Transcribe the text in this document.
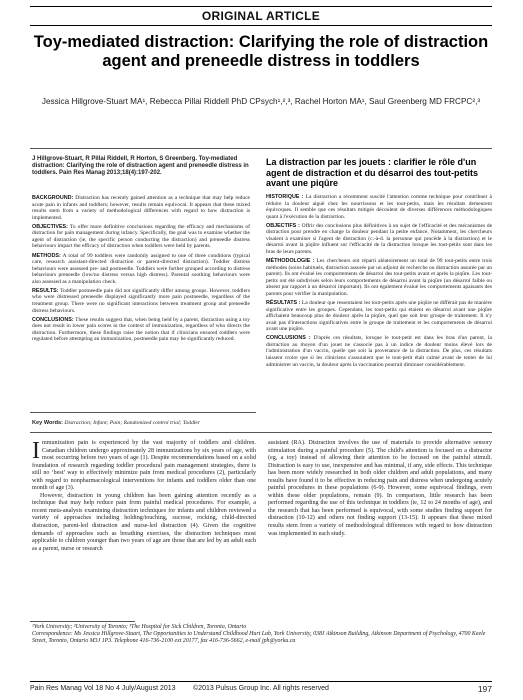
ORIGINAL ARTICLE
Toy-mediated distraction: Clarifying the role of distraction agent and preneedle distress in toddlers
Jessica Hillgrove-Stuart MA¹, Rebecca Pillai Riddell PhD CPsych¹,²,³, Rachel Horton MA¹, Saul Greenberg MD FRCPC²,³
J Hillgrove-Stuart, R Pillai Riddell, R Horton, S Greenberg. Toy-mediated distraction: Clarifying the role of distraction agent and preneedle distress in toddlers. Pain Res Manag 2013;18(4):197-202.

BACKGROUND: Distraction has recently gained attention as a technique that may help reduce acute pain in infants and toddlers; however, results remain equivocal. It appears that these mixed results stem from a variety of methodological differences with regard to how distraction is implemented.

OBJECTIVES: To offer more definitive conclusions regarding the efficacy and mechanisms of distraction for pain management during infancy. Specifically, the goal was to examine whether the agent of distraction (ie, the specific person conducting the distraction) and preneedle distress behaviours impact the efficacy of distraction when toddlers were held by parents.

METHODS: A total of 99 toddlers were randomly assigned to one of three conditions (typical care, research assistant-directed distraction or parent-directed distraction). Toddler distress behaviours were assessed pre- and postneedle. Toddlers were further grouped according to distress behaviours preneedle (low/no distress versus high distress). Parental soothing behaviours were also assessed as a manipulation check.

RESULTS: Toddler postneedle pain did not significantly differ among groups. However, toddlers who were distressed preneedle displayed significantly more pain postneedle, regardless of the treatment group. There were no significant interactions between treatment group and preneedle distress behaviours.

CONCLUSIONS: These results suggest that, when being held by a parent, distraction using a toy does not result in lower pain scores in the context of immunization, regardless of who directs the distraction. Furthermore, these findings raise the notion that if clinicians ensured toddlers were regulated before attempting an immunization, postneedle pain may be significantly reduced.

Key Words: Distraction; Infant; Pain; Randomized control trial; Toddler
La distraction par les jouets : clarifier le rôle d'un agent de distraction et du désarroi des tout-petits avant une piqûre

HISTORIQUE : La distraction a récemment suscité l'attention comme technique pour contribuer à réduire la douleur aiguë chez les nourrissons et les tout-petits, mais les résultats demeurent équivoques. Il semble que ces résultats mitigés découlent de diverses différences méthodologiques quant à l'exécution de la distraction.

OBJECTIFS : Offrir des conclusions plus définitives à un sujet de l'efficacité et des mécanismes de distraction pour prendre en charge la douleur pendant la petite enfance. Notamment, les chercheurs visaient à examiner si l'agent de distraction (c.-à-d. la personne qui procède à la distraction) et le désarroi avant la piqûre influent sur l'efficacité de la distraction lorsque les tout-petits sont dans les bras de leurs parents.

MÉTHODOLOGIE : Les chercheurs ont réparti aléatoirement un total de 99 tout-petits entre trois méthodes (soins habituels, distraction assurée par un adjoint de recherche ou distraction assurée par un parent). Ils ont évalué les comportements de désarroi des tout-petits avant et après la piqûre. Les tout-petits ont été subdivisés selon leurs comportements de désarroi avant la piqûre (un désarroi faible ou absent par rapport à un désarroi important). Ils ont également évalué les comportements apaisants des parents pour vérifier la manipulation.

RÉSULTATS : La douleur que ressentaient les tout-petits après une piqûre ne différait pas de manière significative entre les groupes. Cependant, les tout-petits qui étaient en désarroi avant une piqûre affichaient beaucoup plus de douleur après la piqûre, quel que soit leur groupe de traitement. Il n'y avait pas d'interactions significatives entre le groupe de traitement et les comportements de désarroi avant une piqûre.

CONCLUSIONS : D'après ces résultats, lorsque le tout-petit est dans les bras d'un parent, la distraction au moyen d'un jouet ne s'associe pas à un indice de douleur moins élevé lors de l'administration d'un vaccin, quelle que soit la provenance de la distraction. De plus, ces résultats laissent croire que si les cliniciens s'assuraient que le tout-petit était calmé avant de tenter de lui administrer un vaccin, la douleur après la vaccination pourrait diminuer considérablement.

Immunization pain is experienced by the vast majority of toddlers and children. Canadian children undergo approximately 28 immunizations by six years of age, with most occurring before two years of age (1). Despite recommendations based on a solid foundation of research regarding toddler procedural pain management strategies, there is still no ‘best’ way to effectively minimize pain from medical procedures (2), particularly with regard to nonpharmacological interventions for infants and toddlers older than one month of age (3).

However, distraction in young children has been gaining attention recently as a technique that may help reduce pain from painful medical procedures. For example, a recent meta-analysis examining distraction techniques for infants and children reviewed a variety of approaches including holding/touching, sucrose, rocking, child-directed distraction, parent-led distraction and nurse-led distraction (4). Given the cognitive demands of approaches such as breathing exercises, the distraction techniques most applicable to children younger than two years of age are those that are led by an adult such as a parent, nurse or research

assistant (RA). Distraction involves the use of materials to provide alternative sensory stimulation during a painful procedure (5). The child's attention is focused on a distractor (eg, a toy) instead of allowing their attention to be focused on the painful stimuli. Distraction is easy to use, inexpensive and has minimal, if any, side effects. This technique has been more widely researched in both older children and adult populations, and many results have found it to be effective in reducing pain and distress when undergoing acutely painful procedures in these populations (6-9). However, some equivocal findings, even within these older populations, remain (9). In comparison, little research has been performed regarding the use of this technique in toddlers (ie, 12 to 24 months of age), and the research that has been performed is equivocal, with some studies finding support for distraction (10-12) and others not finding support (13-15). It appears that these mixed results stem from a variety of methodological differences with regard to how distraction was implemented in each study.

¹York University; ²University of Toronto; ³The Hospital for Sick Children, Toronto, Ontario

Correspondence: Ms Jessica Hillgrove-Stuart, The Opportunities to Understand Childhood Hurt Lab, York University, 038J Atkinson Building, Atkinson Department of Psychology, 4700 Keele Street, Toronto, Ontario M3J 1P3. Telephone 416-736-2100 ext 20177, fax 416-736-5662, e-mail jph@yorku.ca

Pain Res Manag Vol 18 No 4 July/August 2013	©2013 Pulsus Group Inc. All rights reserved	197
